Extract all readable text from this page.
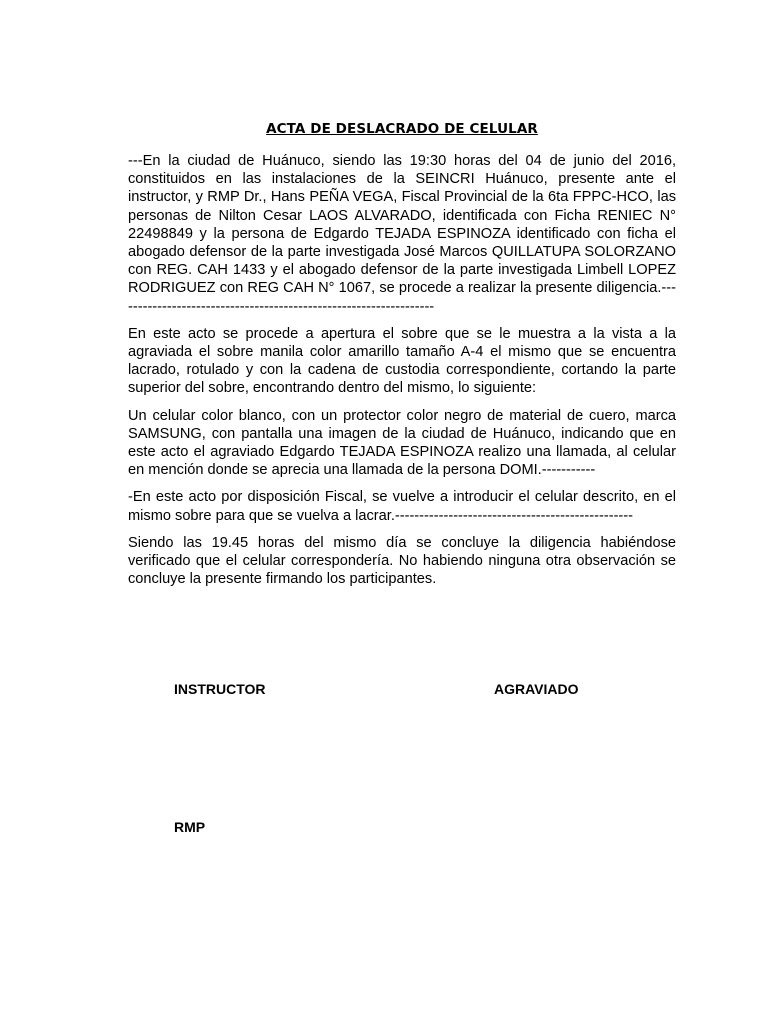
ACTA DE DESLACRADO DE CELULAR

---En la ciudad de Huánuco, siendo las 19:30 horas del 04 de junio del 2016, constituidos en las instalaciones de la SEINCRI Huánuco, presente ante el instructor, y RMP Dr., Hans PEÑA VEGA, Fiscal Provincial de la 6ta FPPC-HCO, las personas de Nilton Cesar LAOS ALVARADO, identificada con Ficha RENIEC N° 22498849 y la persona de Edgardo TEJADA ESPINOZA identificado con ficha el abogado defensor de la parte investigada José Marcos QUILLATUPA SOLORZANO con REG. CAH 1433 y el abogado defensor de la parte investigada Limbell LOPEZ RODRIGUEZ con REG CAH N° 1067, se procede a realizar la presente diligencia.------------------------------------------------------------------

En este acto se procede a apertura el sobre que se le muestra a la vista a la agraviada el sobre manila color amarillo tamaño A-4 el mismo que se encuentra lacrado, rotulado y con la cadena de custodia correspondiente, cortando la parte superior del sobre, encontrando dentro del mismo, lo siguiente:

Un celular color blanco, con un protector color negro de material de cuero, marca SAMSUNG, con pantalla una imagen de la ciudad de Huánuco, indicando que en este acto el agraviado Edgardo TEJADA ESPINOZA realizo una llamada, al celular en mención donde se aprecia una llamada de la persona DOMI.-----------

-En este acto por disposición Fiscal, se vuelve a introducir el celular descrito, en el mismo sobre para que se vuelva a lacrar.-------------------------------------------------

Siendo las 19.45 horas del mismo día se concluye la diligencia habiéndose verificado que el celular correspondería. No habiendo ninguna otra observación se concluye la presente firmando los participantes.

INSTRUCTOR	AGRAVIADO
RMP
